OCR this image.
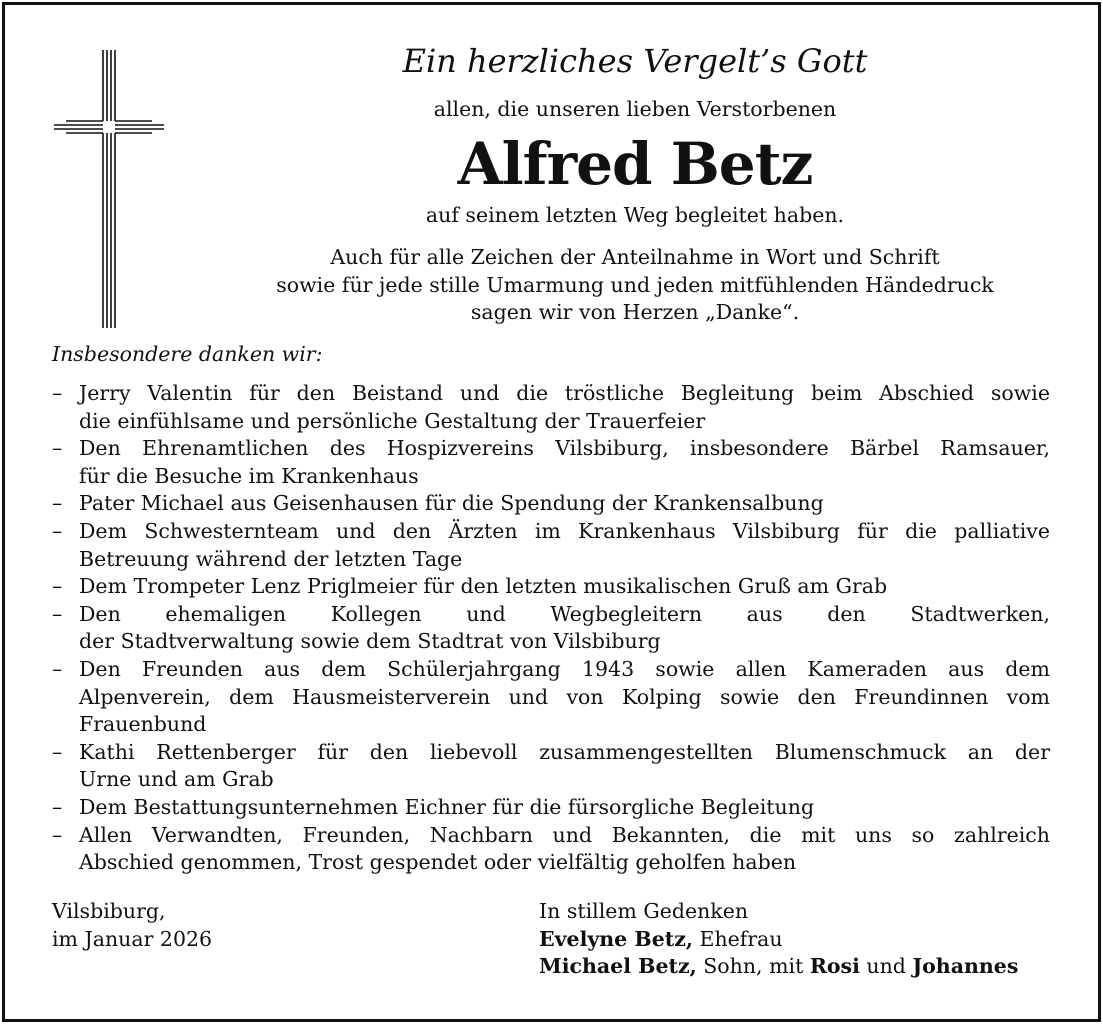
Ein herzliches Vergelt’s Gott
allen, die unseren lieben Verstorbenen
Alfred Betz
auf seinem letzten Weg begleitet haben.
Auch für alle Zeichen der Anteilnahme in Wort und Schrift
sowie für jede stille Umarmung und jeden mitfühlenden Händedruck
sagen wir von Herzen „Danke“.
Insbesondere danken wir:
– Jerry Valentin für den Beistand und die tröstliche Begleitung beim Abschied sowie
die einfühlsame und persönliche Gestaltung der Trauerfeier
– Den Ehrenamtlichen des Hospizvereins Vilsbiburg, insbesondere Bärbel Ramsauer,
für die Besuche im Krankenhaus
– Pater Michael aus Geisenhausen für die Spendung der Krankensalbung
– Dem Schwesternteam und den Ärzten im Krankenhaus Vilsbiburg für die palliative
Betreuung während der letzten Tage
– Dem Trompeter Lenz Priglmeier für den letzten musikalischen Gruß am Grab
– Den ehemaligen Kollegen und Wegbegleitern aus den Stadtwerken,
der Stadtverwaltung sowie dem Stadtrat von Vilsbiburg
– Den Freunden aus dem Schülerjahrgang 1943 sowie allen Kameraden aus dem
Alpenverein, dem Hausmeisterverein und von Kolping sowie den Freundinnen vom
Frauenbund
– Kathi Rettenberger für den liebevoll zusammengestellten Blumenschmuck an der
Urne und am Grab
– Dem Bestattungsunternehmen Eichner für die fürsorgliche Begleitung
– Allen Verwandten, Freunden, Nachbarn und Bekannten, die mit uns so zahlreich
Abschied genommen, Trost gespendet oder vielfältig geholfen haben
Vilsbiburg,
im Januar 2026
In stillem Gedenken
Evelyne Betz, Ehefrau
Michael Betz, Sohn, mit Rosi und Johannes
